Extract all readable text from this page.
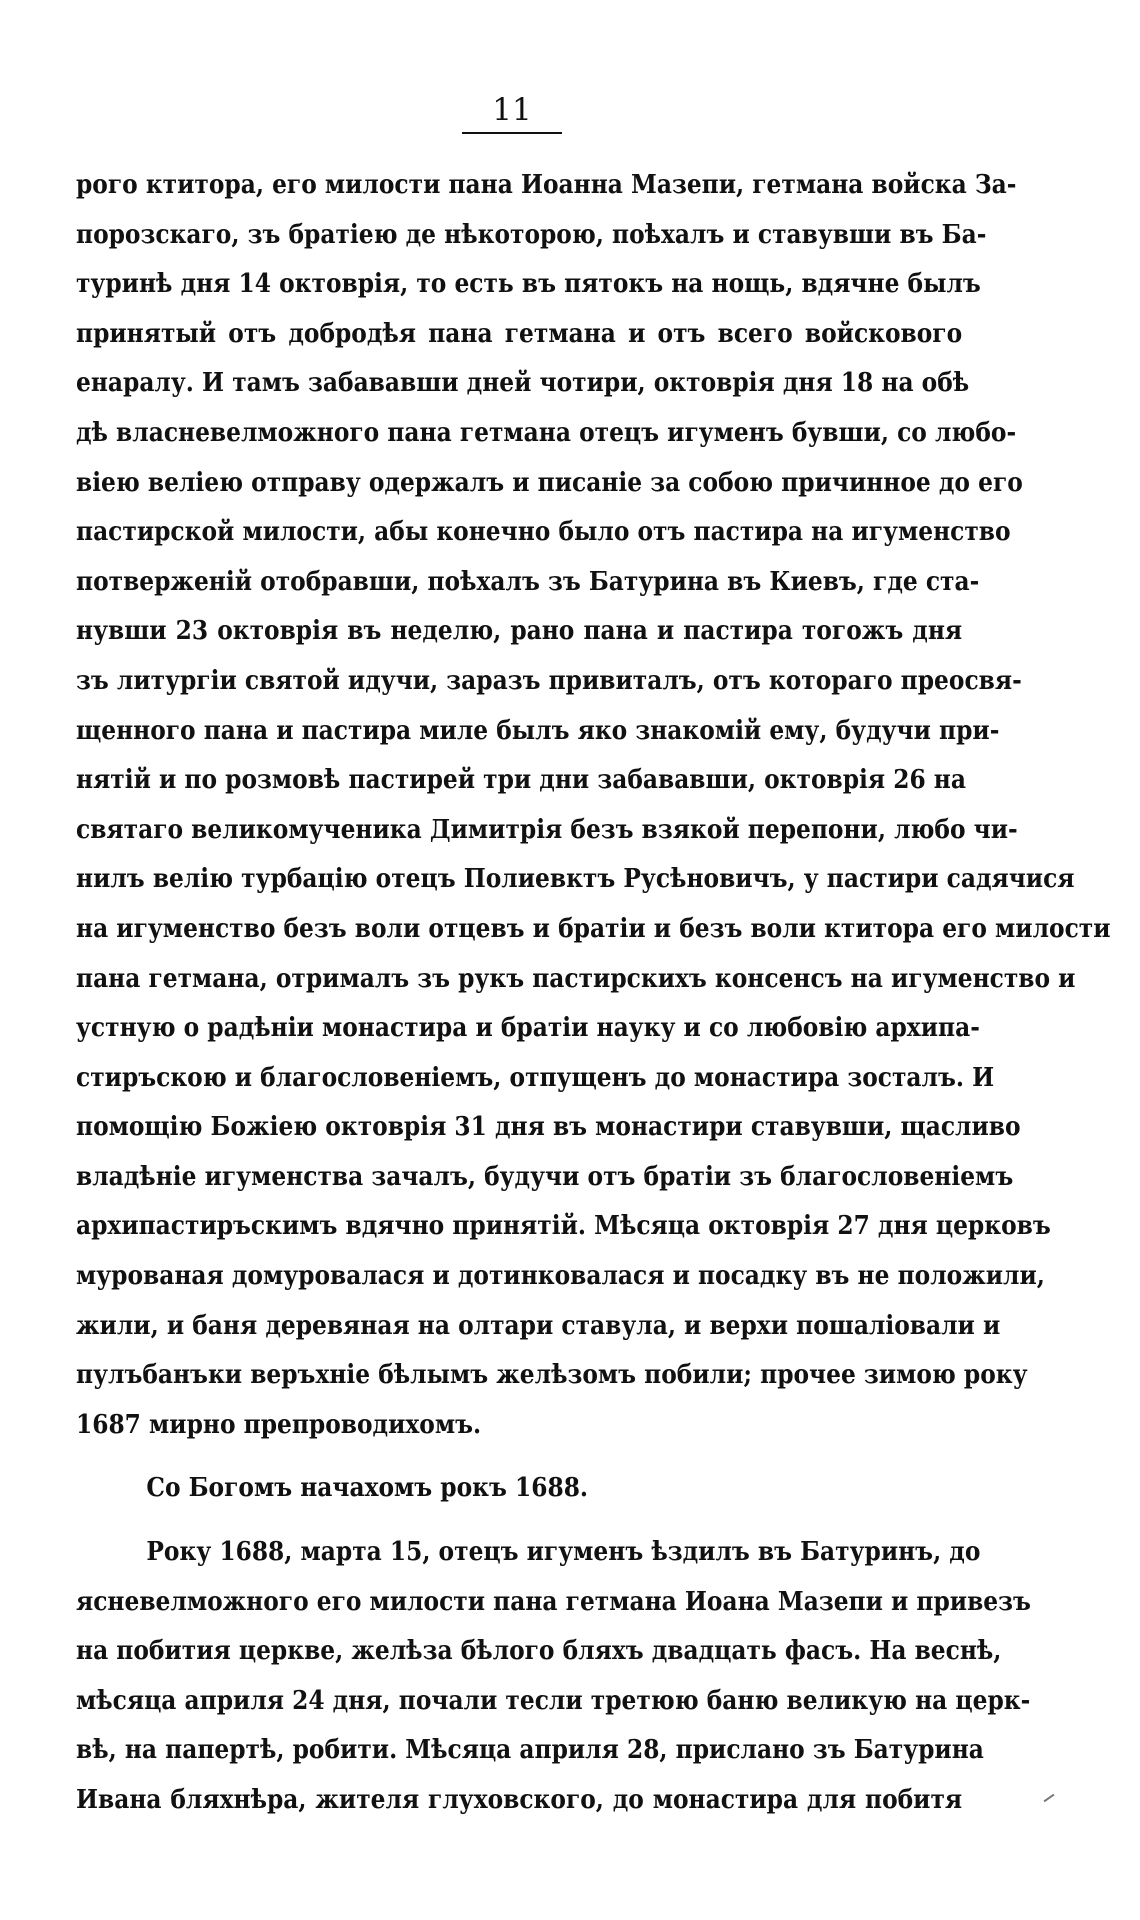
11
рого ктитора, его милости пана Иоанна Мазепи, гетмана войска За-
порозскаго, зъ братiею де нѣкоторою, поѣхалъ и ставувши въ Ба-
туринѣ дня 14 октоврiя, то есть въ пятокъ на нощь, вдячне былъ
принятый отъ добродѣя пана гетмана и отъ всего войскового
енаралу. И тамъ забававши дней чотири, октоврiя дня 18 на обѣ
дѣ власневелможного пана гетмана отецъ игуменъ бувши, со любо-
вiею велiею отправу одержалъ и писанiе за собою причинное до его
пастирской милости, абы конечно было отъ пастира на игуменство
потверженiй отобравши, поѣхалъ зъ Батурина въ Киевъ, где ста-
нувши 23 октоврiя въ неделю, рано пана и пастира тогожъ дня
зъ литургiи святой идучи, заразъ привиталъ, отъ котораго преосвя-
щенного пана и пастира миле былъ яко знакомiй ему, будучи при-
нятiй и по розмовѣ пастирей три дни забававши, октоврiя 26 на
святаго великомученика Димитрiя безъ взякой перепони, любо чи-
нилъ велiю турбацiю отецъ Полиевктъ Русѣновичъ, у пастири садячися
на игуменство безъ воли отцевъ и братiи и безъ воли ктитора его милости
пана гетмана, отрималъ зъ рукъ пастирскихъ консенсъ на игуменство и
устную о радѣнiи монастира и братiи науку и со любовiю архипа-
стиръскою и благословенiемъ, отпущенъ до монастира зосталъ. И
помощiю Божiею октоврiя 31 дня въ монастири ставувши, щасливо
владѣнiе игуменства зачалъ, будучи отъ братiи зъ благословенiемъ
архипастиръскимъ вдячно принятiй. Мѣсяца октоврiя 27 дня церковъ
мурованая домуровалася и дотинковалася и посадку въ не положили,
жили, и баня деревяная на олтари ставула, и верхи пошалiовали и
пулъбанъки веръхнiе бѣлымъ желѣзомъ побили; прочее зимою року
1687 мирно препроводихомъ.
Со Богомъ начахомъ рокъ 1688.
Року 1688, марта 15, отецъ игуменъ ѣздилъ въ Батуринъ, до
ясневелможного его милости пана гетмана Иоана Мазепи и привезъ
на побития церкве, желѣза бѣлого бляхъ двадцать фасъ. На веснѣ,
мѣсяца априля 24 дня, почали тесли третюю баню великую на церк-
вѣ, на папертѣ, робити. Мѣсяца априля 28, прислано зъ Батурина
Ивана бляхнѣра, жителя глуховского, до монастира для побитя
